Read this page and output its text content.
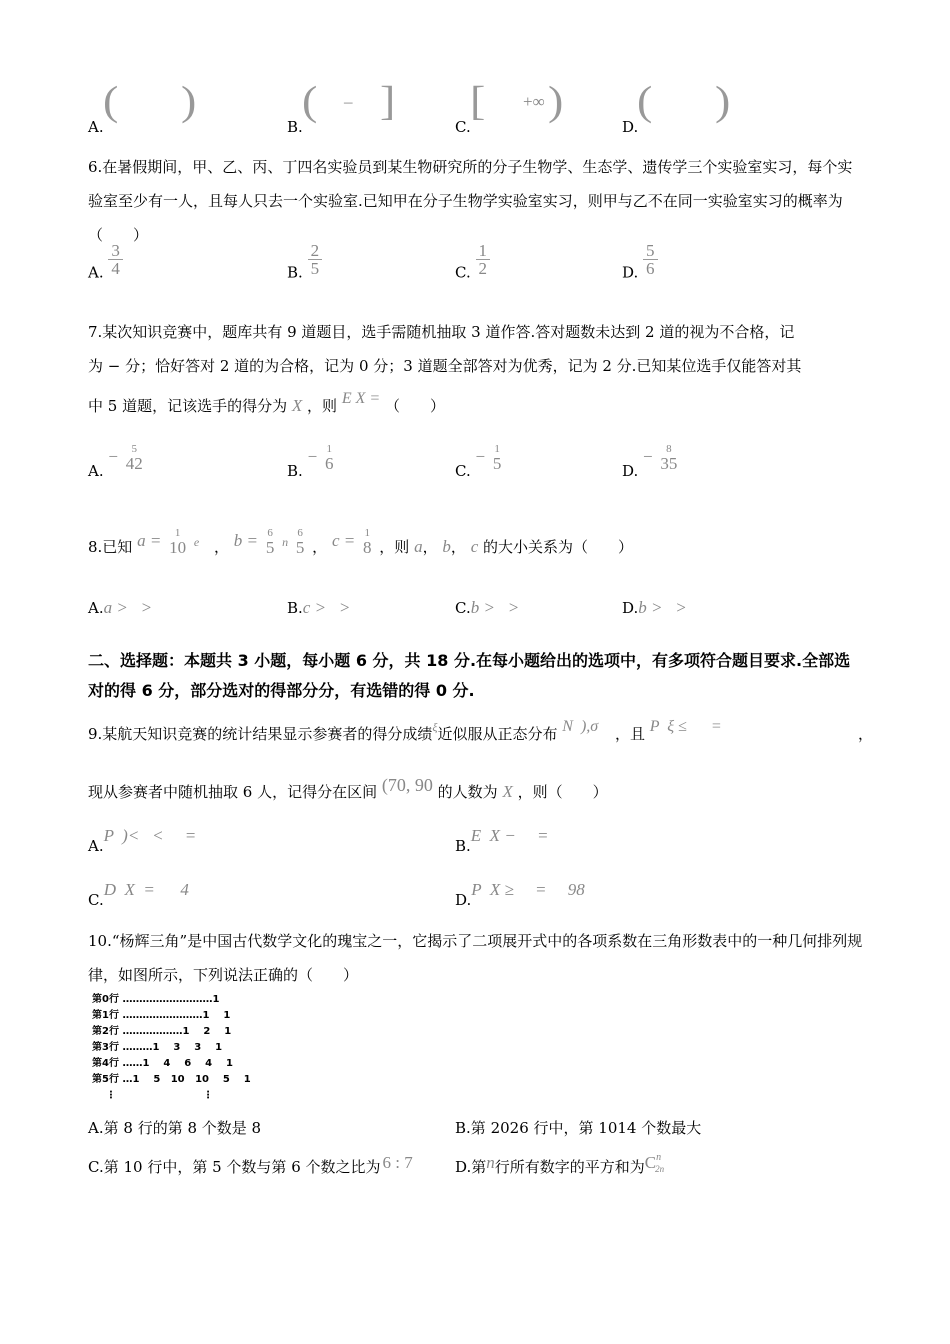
( )
A.
( – ]
B.
[ +∞ )
C.
( )
D.
6.在暑假期间，甲、乙、丙、丁四名实验员到某生物研究所的分子生物学、生态学、遗传学三个实验室实习，每个实验室至少有一人，且每人只去一个实验室.已知甲在分子生物学实验室实习，则甲与乙不在同一实验室实习的概率为（　　）
A. $\frac{3}{4}$	B. $\frac{2}{5}$	C. $\frac{1}{2}$	D. $\frac{5}{6}$
7.某次知识竞赛中，题库共有 9 道题目，选手需随机抽取 3 道作答.答对题数未达到 2 道的视为不合格，记
为 − 分；恰好答对 2 道的为合格，记为 0 分；3 道题全部答对为优秀，记为 2 分.已知某位选手仅能答对其
中 5 道题，记该选手的得分为 X ，则 E X = （　　）
A. −	5
42	B. − 1
6	C. − 1
5	D. −	8
35
8.已知 a =	1
10 e ， b = 6
5 n
6
5 ， c = 1
8 ，则 a， b， c 的大小关系为（　　）
A.a >   >	B.c >   >	C.b >   >	D.b >   >
二、选择题：本题共 3 小题，每小题 6 分，共 18 分.在每小题给出的选项中，有多项符合题目要求.全部选对的得 6 分，部分选对的得部分分，有选错的得 0 分.
9.某航天知识竞赛的统计结果显示参赛者的得分成绩$^\xi$近似服从正态分布 N  ),σ ，且 P  ξ ≤      =	，
现从参赛者中随机抽取 6 人，记得分在区间 (70, 90 的人数为 X ，则（　　）
A.P  )<   <     =
B.E  X −     =
C.D  X  =      4
D.P  X ≥     =     98
10.“杨辉三角”是中国古代数学文化的瑰宝之一，它揭示了二项展开式中的各项系数在三角形数表中的一种几何排列规律，如图所示，下列说法正确的（　　）
第0行 ………………………1
第1行 ……………………1    1
第2行 ………………1    2    1
第3行 ………1    3    3    1
第4行 ……1    4    6    4    1
第5行 …1    5   10   10    5    1
⋮                         ⋮
A.第 8 行的第 8 个数是 8	B.第 2026 行中，第 1014 个数最大
C.第 10 行中，第 5 个数与第 6 个数之比为 6 : 7	D.第n行所有数字的平方和为$C^n2n$
